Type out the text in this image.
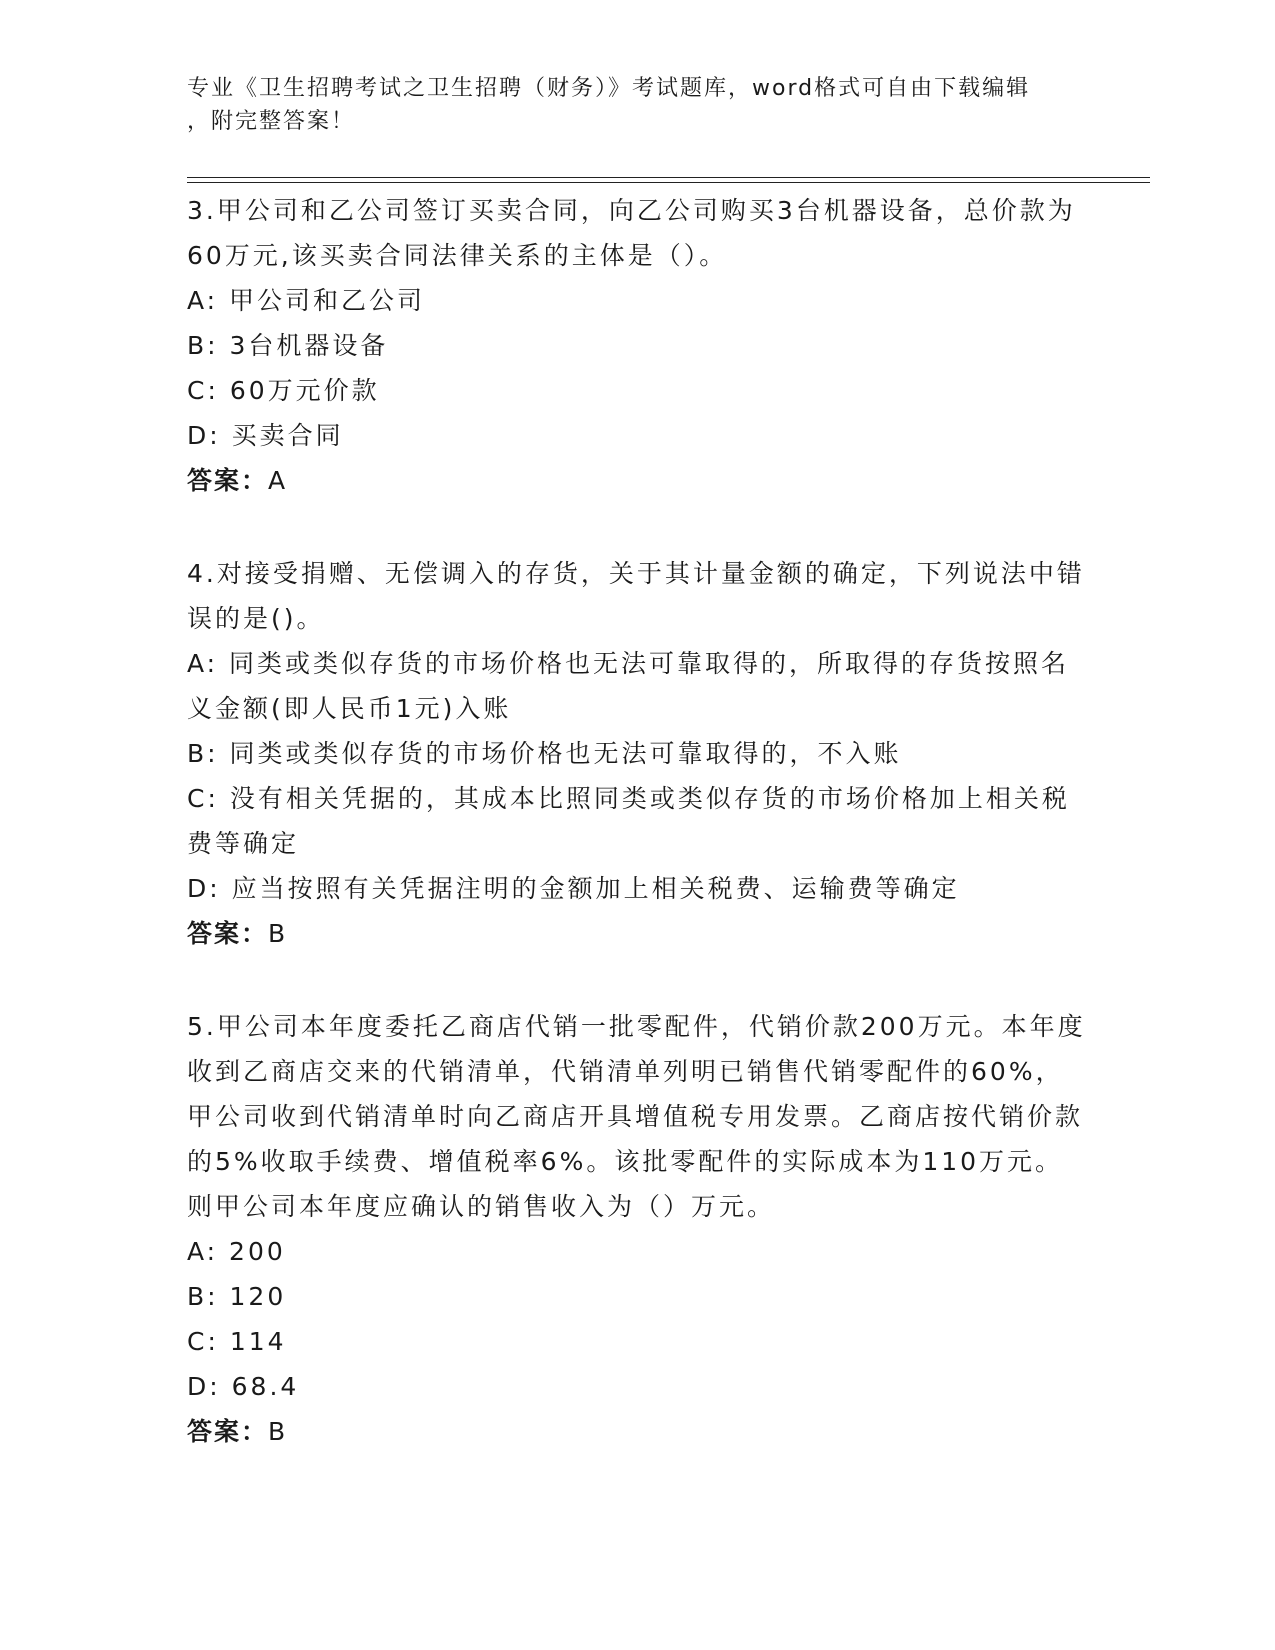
专业《卫生招聘考试之卫生招聘（财务）》考试题库，word格式可自由下载编辑
，附完整答案！
3.甲公司和乙公司签订买卖合同，向乙公司购买3台机器设备，总价款为60万元,该买卖合同法律关系的主体是（）。
A: 甲公司和乙公司
B: 3台机器设备
C: 60万元价款
D: 买卖合同
答案：A
4.对接受捐赠、无偿调入的存货，关于其计量金额的确定，下列说法中错误的是()。
A: 同类或类似存货的市场价格也无法可靠取得的，所取得的存货按照名义金额(即人民币1元)入账
B: 同类或类似存货的市场价格也无法可靠取得的，不入账
C: 没有相关凭据的，其成本比照同类或类似存货的市场价格加上相关税费等确定
D: 应当按照有关凭据注明的金额加上相关税费、运输费等确定
答案：B
5.甲公司本年度委托乙商店代销一批零配件，代销价款200万元。本年度收到乙商店交来的代销清单，代销清单列明已销售代销零配件的60%，甲公司收到代销清单时向乙商店开具增值税专用发票。乙商店按代销价款的5%收取手续费、增值税率6%。该批零配件的实际成本为110万元。则甲公司本年度应确认的销售收入为（）万元。
A: 200
B: 120
C: 114
D: 68.4
答案：B
